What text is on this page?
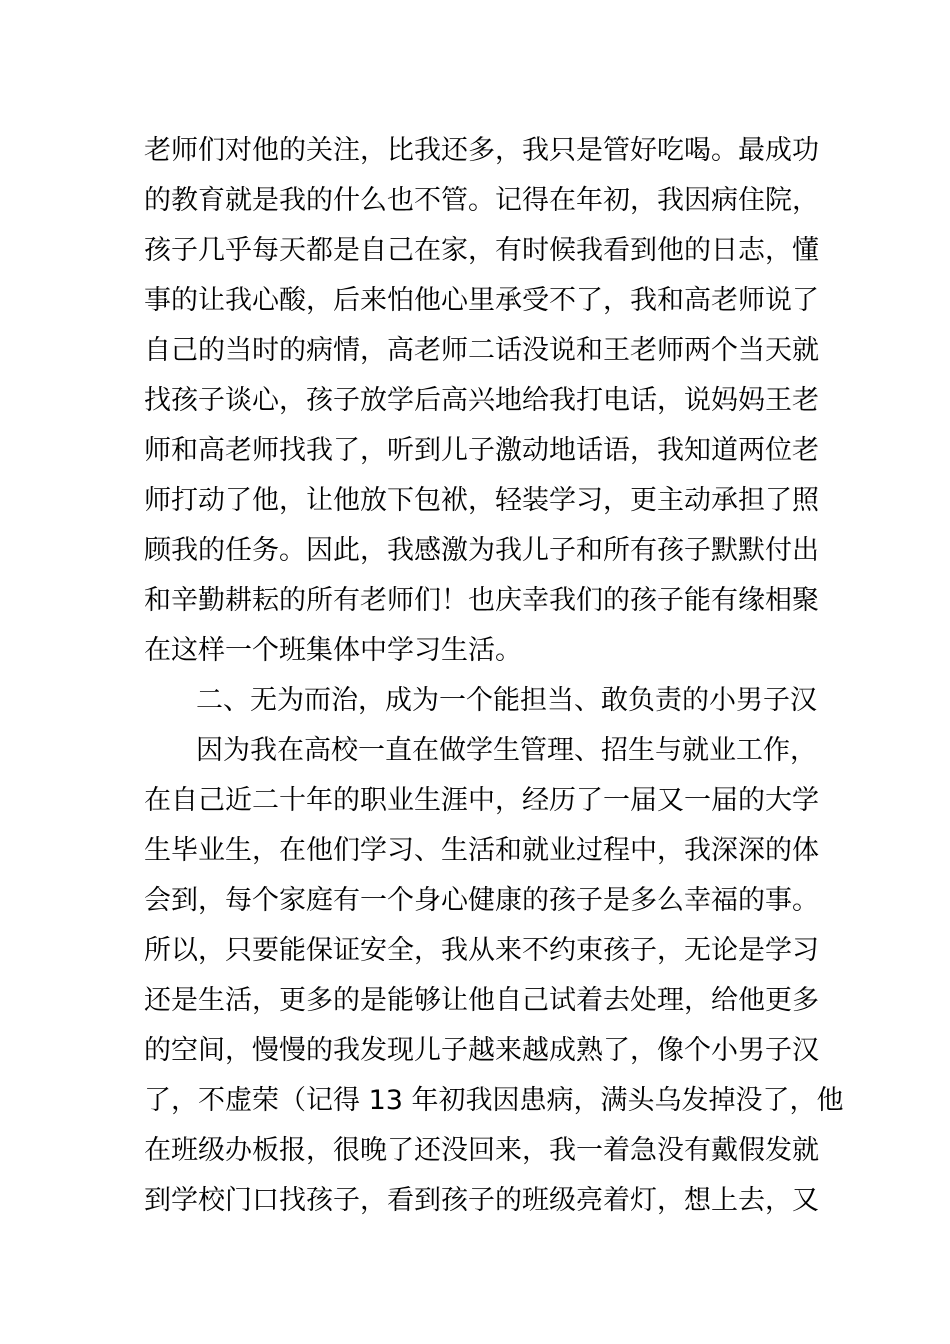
老师们对他的关注，比我还多，我只是管好吃喝。最成功
的教育就是我的什么也不管。记得在年初，我因病住院，
孩子几乎每天都是自己在家，有时候我看到他的日志，懂
事的让我心酸，后来怕他心里承受不了，我和高老师说了
自己的当时的病情，高老师二话没说和王老师两个当天就
找孩子谈心，孩子放学后高兴地给我打电话，说妈妈王老
师和高老师找我了，听到儿子激动地话语，我知道两位老
师打动了他，让他放下包袱，轻装学习，更主动承担了照
顾我的任务。因此，我感激为我儿子和所有孩子默默付出
和辛勤耕耘的所有老师们！也庆幸我们的孩子能有缘相聚
在这样一个班集体中学习生活。
二、无为而治，成为一个能担当、敢负责的小男子汉
因为我在高校一直在做学生管理、招生与就业工作，
在自己近二十年的职业生涯中，经历了一届又一届的大学
生毕业生，在他们学习、生活和就业过程中，我深深的体
会到，每个家庭有一个身心健康的孩子是多么幸福的事。
所以，只要能保证安全，我从来不约束孩子，无论是学习
还是生活，更多的是能够让他自己试着去处理，给他更多
的空间，慢慢的我发现儿子越来越成熟了，像个小男子汉
了，不虚荣（记得 13 年初我因患病，满头乌发掉没了，他
在班级办板报，很晚了还没回来，我一着急没有戴假发就
到学校门口找孩子，看到孩子的班级亮着灯，想上去，又
